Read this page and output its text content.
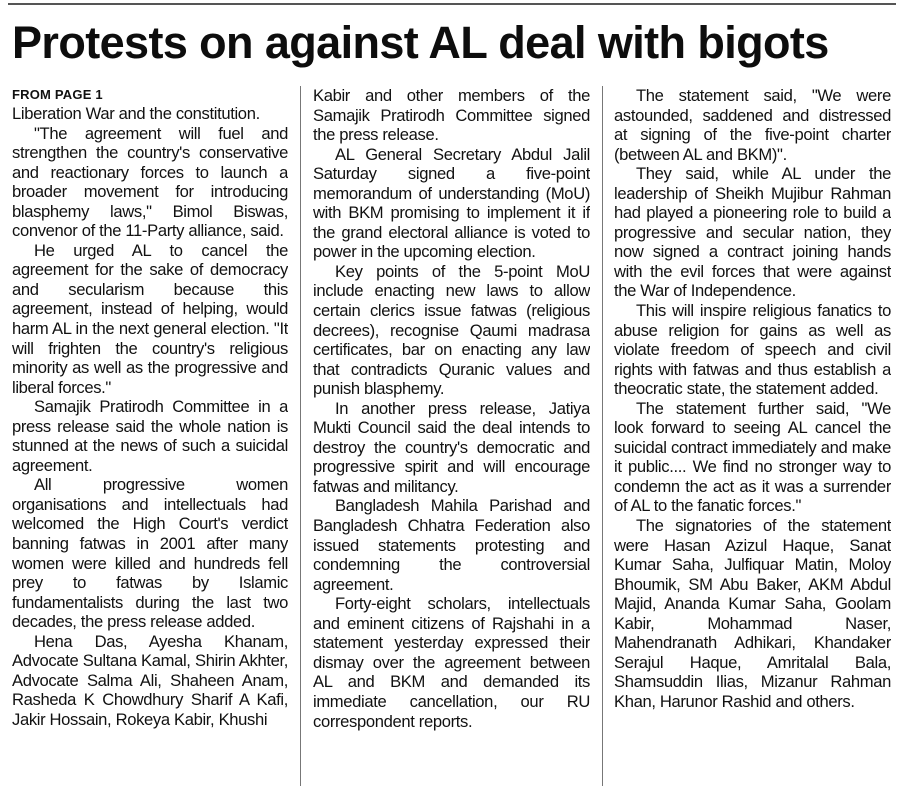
Protests on against AL deal with bigots
FROM PAGE 1

Liberation War and the constitution.

"The agreement will fuel and strengthen the country's conservative and reactionary forces to launch a broader movement for introducing blasphemy laws," Bimol Biswas, convenor of the 11-Party alliance, said.

He urged AL to cancel the agreement for the sake of democracy and secularism because this agreement, instead of helping, would harm AL in the next general election. "It will frighten the country's religious minority as well as the progressive and liberal forces."

Samajik Pratirodh Committee in a press release said the whole nation is stunned at the news of such a suicidal agreement.

All progressive women organisations and intellectuals had welcomed the High Court's verdict banning fatwas in 2001 after many women were killed and hundreds fell prey to fatwas by Islamic fundamentalists during the last two decades, the press release added.

Hena Das, Ayesha Khanam, Advocate Sultana Kamal, Shirin Akhter, Advocate Salma Ali, Shaheen Anam, Rasheda K Chowdhury Sharif A Kafi, Jakir Hossain, Rokeya Kabir, Khushi

Kabir and other members of the Samajik Pratirodh Committee signed the press release.

AL General Secretary Abdul Jalil Saturday signed a five-point memorandum of understanding (MoU) with BKM promising to implement it if the grand electoral alliance is voted to power in the upcoming election.

Key points of the 5-point MoU include enacting new laws to allow certain clerics issue fatwas (religious decrees), recognise Qaumi madrasa certificates, bar on enacting any law that contradicts Quranic values and punish blasphemy.

In another press release, Jatiya Mukti Council said the deal intends to destroy the country's democratic and progressive spirit and will encourage fatwas and militancy.

Bangladesh Mahila Parishad and Bangladesh Chhatra Federation also issued statements protesting and condemning the controversial agreement.

Forty-eight scholars, intellectuals and eminent citizens of Rajshahi in a statement yesterday expressed their dismay over the agreement between AL and BKM and demanded its immediate cancellation, our RU correspondent reports.

The statement said, "We were astounded, saddened and distressed at signing of the five-point charter (between AL and BKM)".

They said, while AL under the leadership of Sheikh Mujibur Rahman had played a pioneering role to build a progressive and secular nation, they now signed a contract joining hands with the evil forces that were against the War of Independence.

This will inspire religious fanatics to abuse religion for gains as well as violate freedom of speech and civil rights with fatwas and thus establish a theocratic state, the statement added.

The statement further said, "We look forward to seeing AL cancel the suicidal contract immediately and make it public.... We find no stronger way to condemn the act as it was a surrender of AL to the fanatic forces."

The signatories of the statement were Hasan Azizul Haque, Sanat Kumar Saha, Julfiquar Matin, Moloy Bhoumik, SM Abu Baker, AKM Abdul Majid, Ananda Kumar Saha, Goolam Kabir, Mohammad Naser, Mahendranath Adhikari, Khandaker Serajul Haque, Amritalal Bala, Shamsuddin Ilias, Mizanur Rahman Khan, Harunor Rashid and others.
